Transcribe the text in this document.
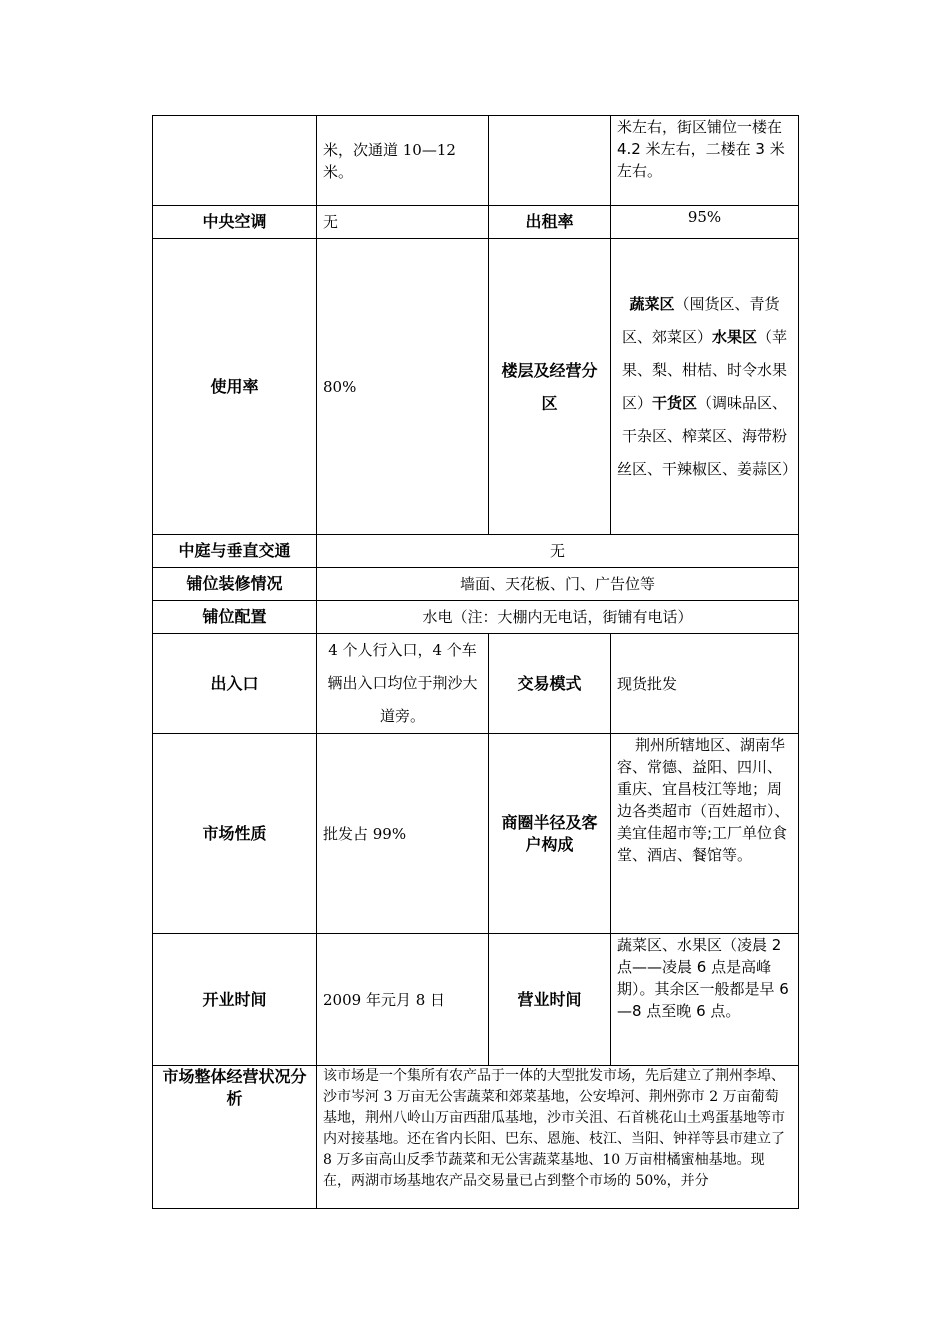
	米，次通道 10—12 米。		米左右，街区铺位一楼在 4.2 米左右，二楼在 3 米左右。
中央空调	无	出租率	95%
使用率	80%	楼层及经营分区	蔬菜区（囤货区、青货区、郊菜区）水果区（苹果、梨、柑桔、时令水果区）干货区（调味品区、干杂区、榨菜区、海带粉丝区、干辣椒区、姜蒜区）
中庭与垂直交通	无		
铺位装修情况	墙面、天花板、门、广告位等		
铺位配置	水电（注：大棚内无电话，街铺有电话）		
出入口	4 个人行入口，4 个车辆出入口均位于荆沙大道旁。	交易模式	现货批发
市场性质	批发占 99%	商圈半径及客户构成	荆州所辖地区、湖南华容、常德、益阳、四川、重庆、宜昌枝江等地；周边各类超市（百姓超市）、美宜佳超市等;工厂单位食堂、酒店、餐馆等。
开业时间	2009 年元月 8 日	营业时间	蔬菜区、水果区（凌晨 2 点——凌晨 6 点是高峰期）。其余区一般都是早 6—8 点至晚 6 点。
市场整体经营状况分析	该市场是一个集所有农产品于一体的大型批发市场，先后建立了荆州李埠、沙市岑河 3 万亩无公害蔬菜和郊菜基地，公安埠河、荆州弥市 2 万亩葡萄基地，荆州八岭山万亩西甜瓜基地，沙市关沮、石首桃花山土鸡蛋基地等市内对接基地。还在省内长阳、巴东、恩施、枝江、当阳、钟祥等县市建立了 8 万多亩高山反季节蔬菜和无公害蔬菜基地、10 万亩柑橘蜜柚基地。现在，两湖市场基地农产品交易量已占到整个市场的 50%，并分		
